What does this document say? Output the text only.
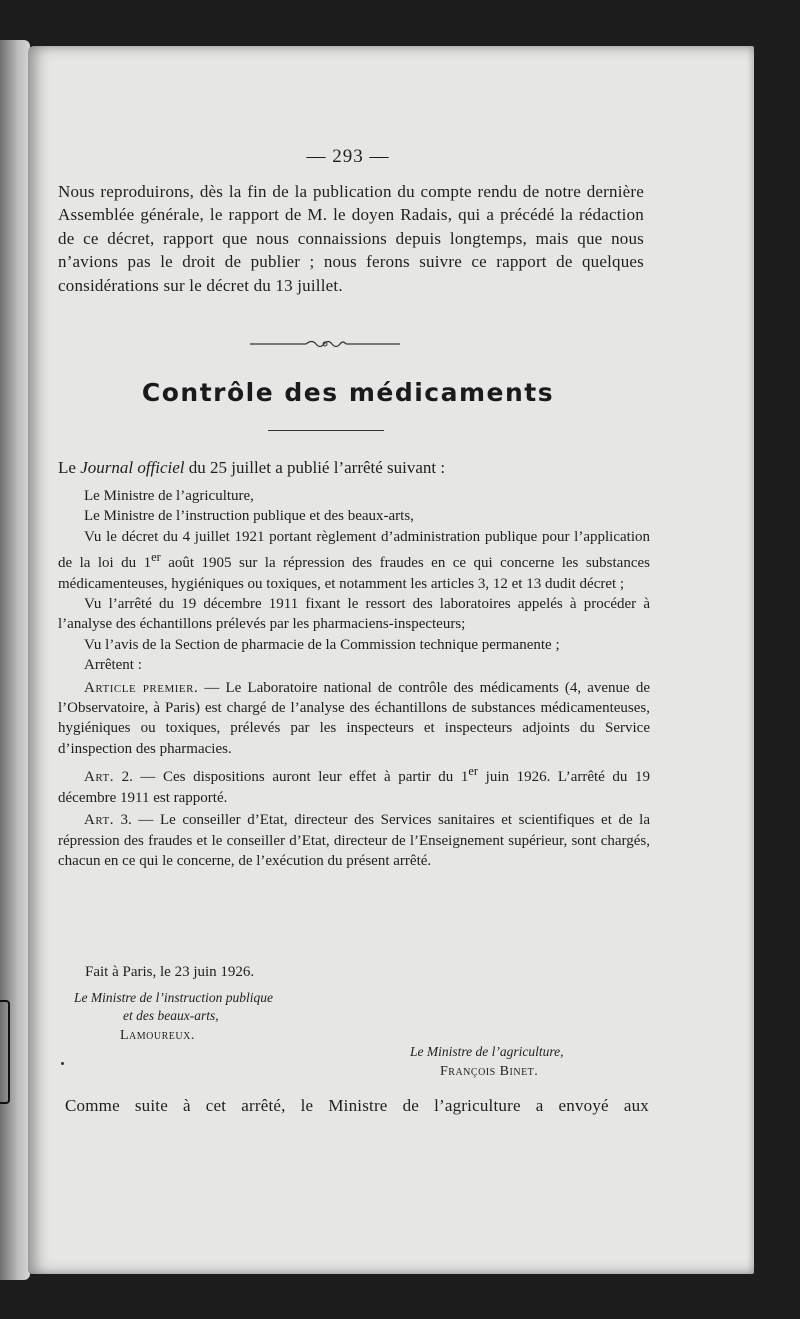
— 293 —

Nous reproduirons, dès la fin de la publication du compte rendu de notre dernière Assemblée générale, le rapport de M. le doyen Radais, qui a précédé la rédaction de ce décret, rapport que nous connaissions depuis longtemps, mais que nous n’avions pas le droit de publier ; nous ferons suivre ce rapport de quelques considérations sur le décret du 13 juillet.

Contrôle des médicaments

Le Journal officiel du 25 juillet a publié l’arrêté suivant :

Le Ministre de l’agriculture,

Le Ministre de l’instruction publique et des beaux-arts,

Vu le décret du 4 juillet 1921 portant règlement d’administration publique pour l’application de la loi du 1er août 1905 sur la répression des fraudes en ce qui concerne les substances médicamenteuses, hygiéniques ou toxiques, et notamment les articles 3, 12 et 13 dudit décret ;

Vu l’arrêté du 19 décembre 1911 fixant le ressort des laboratoires appelés à procéder à l’analyse des échantillons prélevés par les pharmaciens-inspecteurs;

Vu l’avis de la Section de pharmacie de la Commission technique permanente ;

Arrêtent :

Article premier. — Le Laboratoire national de contrôle des médicaments (4, avenue de l’Observatoire, à Paris) est chargé de l’analyse des échantillons de substances médicamenteuses, hygiéniques ou toxiques, prélevés par les inspecteurs et inspecteurs adjoints du Service d’inspection des pharmacies.

Art. 2. — Ces dispositions auront leur effet à partir du 1er juin 1926. L’arrêté du 19 décembre 1911 est rapporté.

Art. 3. — Le conseiller d’Etat, directeur des Services sanitaires et scientifiques et de la répression des fraudes et le conseiller d’Etat, directeur de l’Enseignement supérieur, sont chargés, chacun en ce qui le concerne, de l’exécution du présent arrêté.

Fait à Paris, le 23 juin 1926.
Le Ministre de l’instruction publique
et des beaux-arts,
Lamoureux.
Le Ministre de l’agriculture,
François Binet.

Comme suite à cet arrêté, le Ministre de l’agriculture a envoyé aux
